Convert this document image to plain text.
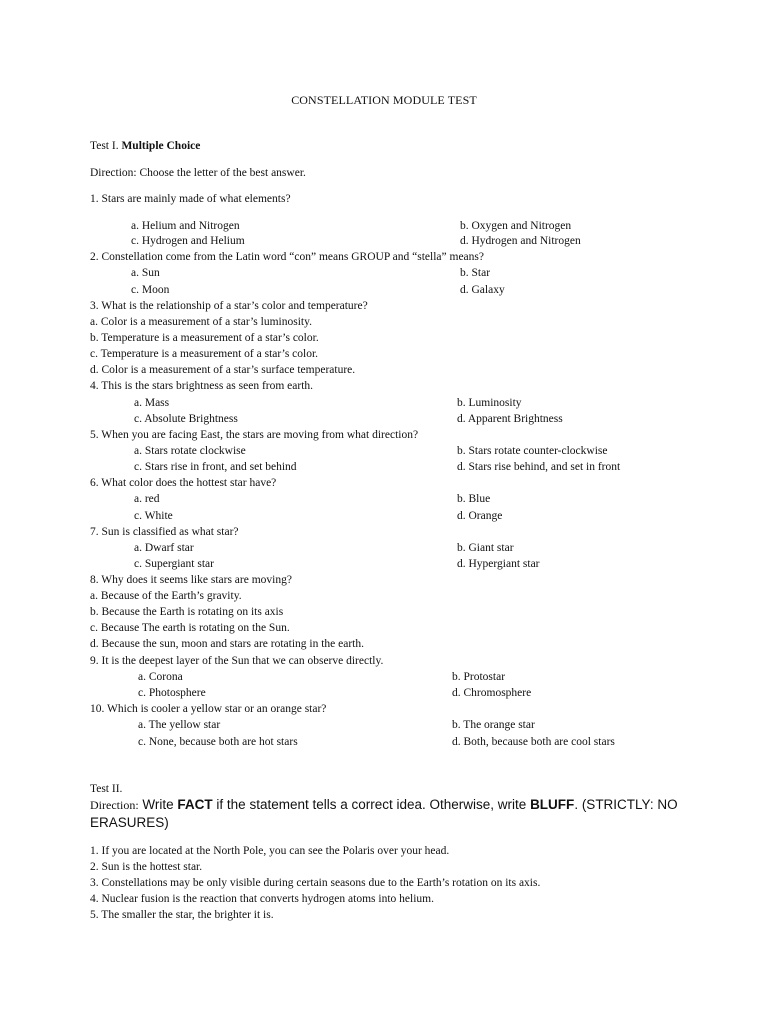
CONSTELLATION MODULE TEST
Test I. Multiple Choice
Direction: Choose the letter of the best answer.
1. Stars are mainly made of what elements?
a. Helium and Nitrogen	b. Oxygen and Nitrogen
c. Hydrogen and Helium	d. Hydrogen and Nitrogen
2. Constellation come from the Latin word “con” means GROUP and “stella” means?
a. Sun	b. Star
c. Moon	d. Galaxy
3. What is the relationship of a star’s color and temperature?
a. Color is a measurement of a star’s luminosity.
b. Temperature is a measurement of a star’s color.
c. Temperature is a measurement of a star’s color.
d. Color is a measurement of a star’s surface temperature.
4. This is the stars brightness as seen from earth.
a. Mass	b. Luminosity
c. Absolute Brightness	d. Apparent Brightness
5. When you are facing East, the stars are moving from what direction?
a. Stars rotate clockwise	b. Stars rotate counter-clockwise
c. Stars rise in front, and set behind	d. Stars rise behind, and set in front
6. What color does the hottest star have?
a. red	b. Blue
c. White	d. Orange
7. Sun is classified as what star?
a. Dwarf star	b. Giant star
c. Supergiant star	d. Hypergiant star
8. Why does it seems like stars are moving?
a. Because of the Earth’s gravity.
b. Because the Earth is rotating on its axis
c. Because The earth is rotating on the Sun.
d. Because the sun, moon and stars are rotating in the earth.
9. It is the deepest layer of the Sun that we can observe directly.
a. Corona	b. Protostar
c. Photosphere	d. Chromosphere
10. Which is cooler a yellow star or an orange star?
a. The yellow star	b. The orange star
c. None, because both are hot stars	d. Both, because both are cool stars
Test II.
Direction: Write FACT if the statement tells a correct idea. Otherwise, write BLUFF. (STRICTLY: NO ERASURES)
1. If you are located at the North Pole, you can see the Polaris over your head.
2. Sun is the hottest star.
3. Constellations may be only visible during certain seasons due to the Earth’s rotation on its axis.
4. Nuclear fusion is the reaction that converts hydrogen atoms into helium.
5. The smaller the star, the brighter it is.
